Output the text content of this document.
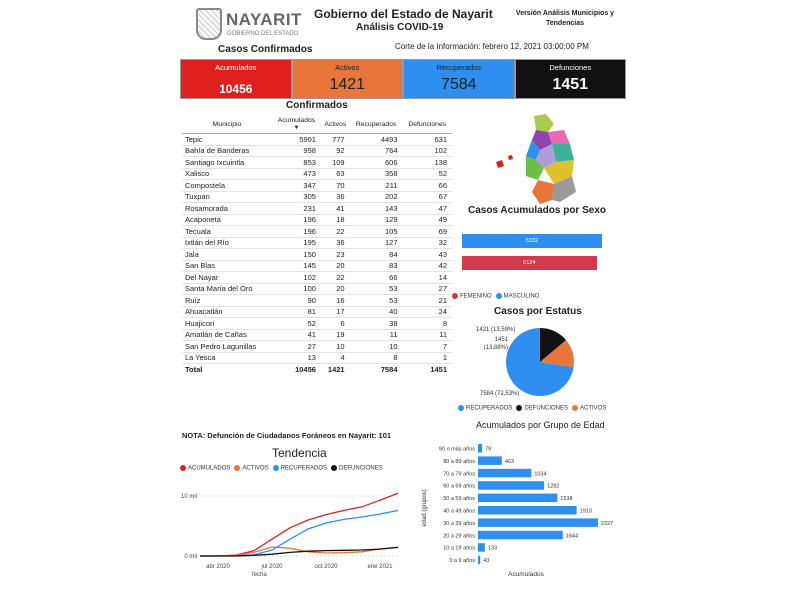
NAYARIT
GOBIERNO DEL ESTADO
Gobierno del Estado de Nayarit
Análisis COVID-19
Versión Análisis Municipios y Tendencias
Casos Confirmados	Corte de la Información: febrero 12, 2021 03:00:00 PM
Acumulados
10456
Activos
1421
Recuperados
7584
Defunciones
1451
Confirmados
Municipio	Acumulados
▼	Activos	Recuperados	Defunciones
Tepic	5901	777	4493	631
Bahía de Banderas	958	92	764	102
Santiago Ixcuintla	853	109	606	138
Xalisco	473	63	358	52
Compostela	347	70	211	66
Tuxpan	305	36	202	67
Rosamorada	231	41	143	47
Acaponeta	196	18	129	49
Tecuala	196	22	105	69
Ixtlán del Río	195	36	127	32
Jala	150	23	84	43
San Blas	145	20	83	42
Del Nayar	102	22	66	14
Santa María del Oro	100	20	53	27
Ruíz	90	16	53	21
Ahuacatlán	81	17	40	24
Huajicori	52	6	38	8
Amatlán de Cañas	41	19	11	11
San Pedro Lagunillas	27	10	10	7
La Yesca	13	4	8	1
Total	10456	1421	7584	1451
Casos Acumulados por Sexo
5332
5124
FEMENINO	MASCULINO
Casos por Estatus
1421 (13,59%)
1451 (13,88%)
7584 (72,53%)
RECUPERADOS	DEFUNCIONES	ACTIVOS
NOTA: Defunción de Ciudadanos Foráneos en Nayarit: 101
Tendencia
ACUMULADOS	ACTIVOS	RECUPERADOS	DEFUNCIONES
0 mil
10 mil
abr 2020	jul 2020	oct 2020	ene 2021
fecha
Acumulados por Grupo de Edad
90 o más años 79
80 a 89 años	463
70 a 79 años	1034
60 a 69 años	1282
50 a 59 años	1538
40 a 49 años	1913
30 a 39 años	2327
20 a 29 años	1644
10 a 19 años 133
0 a 9 años 43
Acumulados
edad (grupos)
